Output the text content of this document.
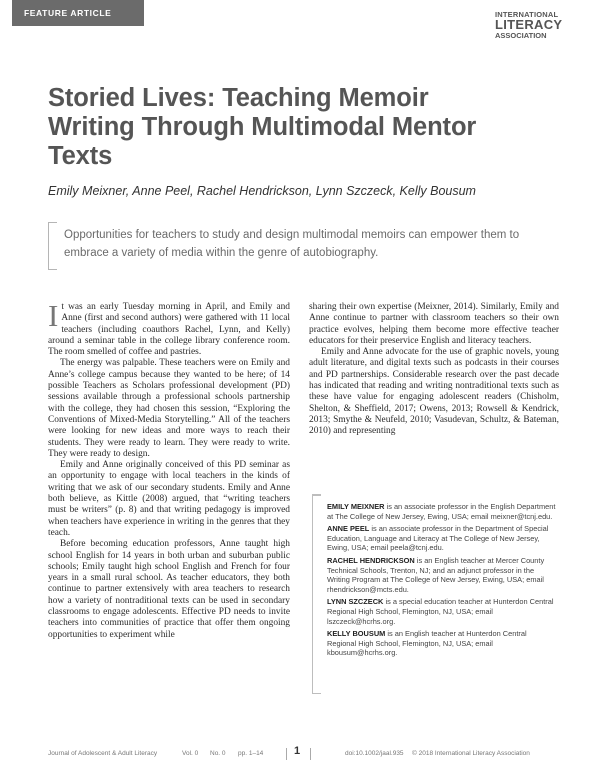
FEATURE ARTICLE	INTERNATIONAL
LITERACY
ASSOCIATION
Storied Lives: Teaching Memoir Writing Through Multimodal Mentor Texts
Emily Meixner, Anne Peel, Rachel Hendrickson, Lynn Szczeck, Kelly Bousum
Opportunities for teachers to study and design multimodal memoirs can empower them to embrace a variety of media within the genre of autobiography.

It was an early Tuesday morning in April, and Emily and Anne (first and second authors) were gathered with 11 local teachers (including coauthors Rachel, Lynn, and Kelly) around a seminar table in the college library conference room. The room smelled of coffee and pastries.

The energy was palpable. These teachers were on Emily and Anne’s college campus because they wanted to be here; of 14 possible Teachers as Scholars professional development (PD) sessions available through a professional schools partnership with the college, they had chosen this session, “Exploring the Conventions of Mixed-Media Storytelling.” All of the teachers were looking for new ideas and more ways to reach their students. They were ready to learn. They were ready to write. They were ready to design.

Emily and Anne originally conceived of this PD seminar as an opportunity to engage with local teachers in the kinds of writing that we ask of our secondary students. Emily and Anne both believe, as Kittle (2008) argued, that “writing teachers must be writers” (p. 8) and that writing pedagogy is improved when teachers have experience in writing in the genres that they teach.

Before becoming education professors, Anne taught high school English for 14 years in both urban and suburban public schools; Emily taught high school English and French for four years in a small rural school. As teacher educators, they both continue to partner extensively with area teachers to research how a variety of nontraditional texts can be used in secondary classrooms to engage adolescents. Effective PD needs to invite teachers into communities of practice that offer them ongoing opportunities to experiment while

sharing their own expertise (Meixner, 2014). Similarly, Emily and Anne continue to partner with classroom teachers so their own practice evolves, helping them become more effective teacher educators for their preservice English and literacy teachers.

Emily and Anne advocate for the use of graphic novels, young adult literature, and digital texts such as podcasts in their courses and PD partnerships. Considerable research over the past decade has indicated that reading and writing nontraditional texts such as these have value for engaging adolescent readers (Chisholm, Shelton, & Sheffield, 2017; Owens, 2013; Rowsell & Kendrick, 2013; Smythe & Neufeld, 2010; Vasudevan, Schultz, & Bateman, 2010) and representing

EMILY MEIXNER is an associate professor in the English Department at The College of New Jersey, Ewing, USA; email meixner@tcnj.edu.

ANNE PEEL is an associate professor in the Department of Special Education, Language and Literacy at The College of New Jersey, Ewing, USA; email peela@tcnj.edu.

RACHEL HENDRICKSON is an English teacher at Mercer County Technical Schools, Trenton, NJ; and an adjunct professor in the Writing Program at The College of New Jersey, Ewing, USA; email rhendrickson@mcts.edu.

LYNN SZCZECK is a special education teacher at Hunterdon Central Regional High School, Flemington, NJ, USA; email lszczeck@hcrhs.org.

KELLY BOUSUM is an English teacher at Hunterdon Central Regional High School, Flemington, NJ, USA; email kbousum@hcrhs.org.

Journal of Adolescent & Adult Literacy	Vol. 0 No. 0 pp. 1–14	1	doi:10.1002/jaal.935 © 2018 International Literacy Association
